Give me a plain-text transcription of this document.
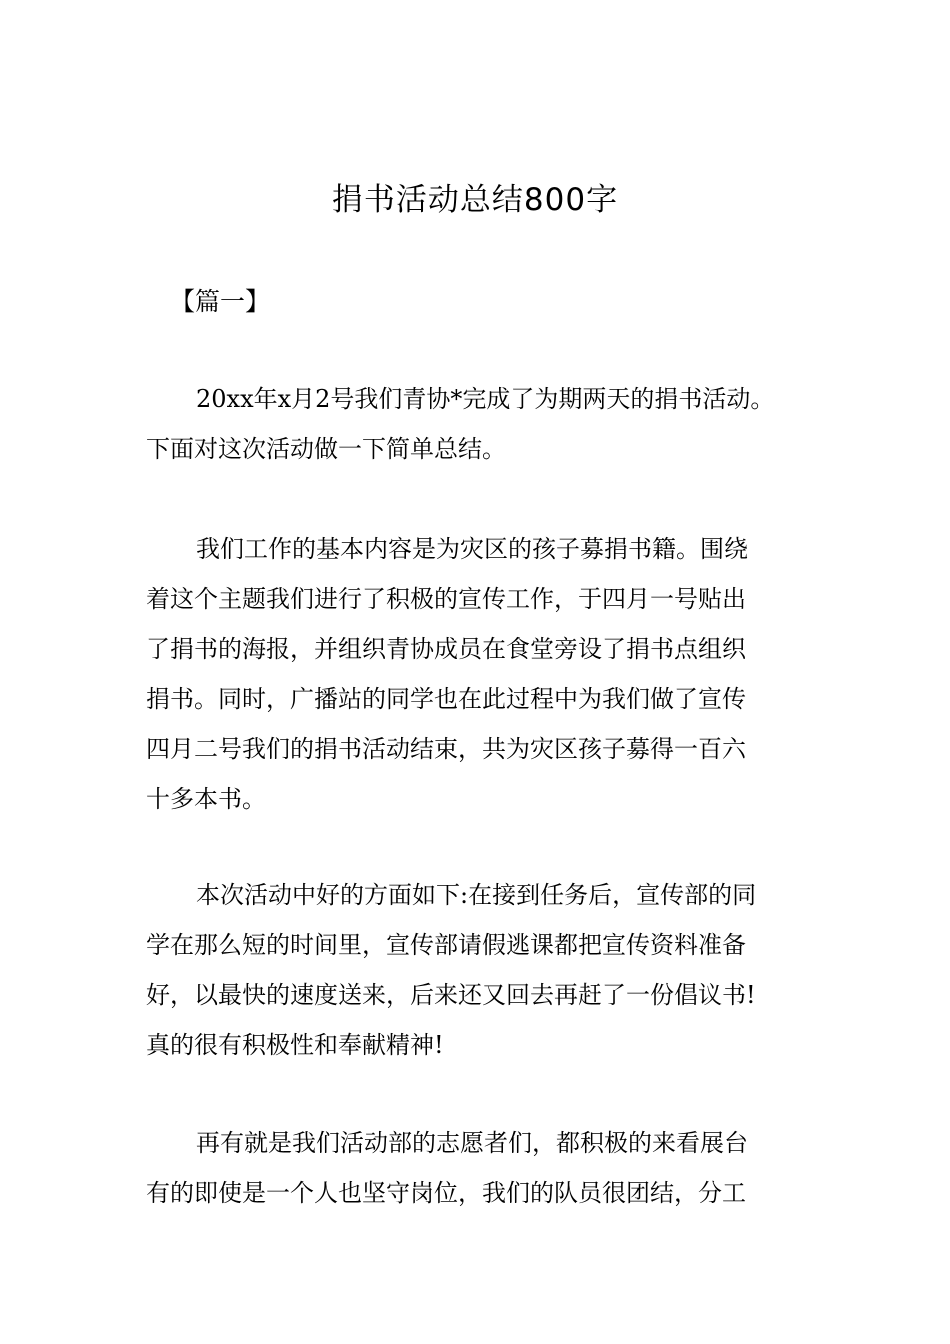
捐书活动总结800字

【篇一】

20xx年x月2号我们青协*完成了为期两天的捐书活动。
下面对这次活动做一下简单总结。

我们工作的基本内容是为灾区的孩子募捐书籍。围绕
着这个主题我们进行了积极的宣传工作，于四月一号贴出
了捐书的海报，并组织青协成员在食堂旁设了捐书点组织
捐书。同时，广播站的同学也在此过程中为我们做了宣传
四月二号我们的捐书活动结束，共为灾区孩子募得一百六
十多本书。

本次活动中好的方面如下:在接到任务后，宣传部的同
学在那么短的时间里，宣传部请假逃课都把宣传资料准备
好，以最快的速度送来，后来还又回去再赶了一份倡议书!
真的很有积极性和奉献精神!

再有就是我们活动部的志愿者们，都积极的来看展台
有的即使是一个人也坚守岗位，我们的队员很团结，分工
